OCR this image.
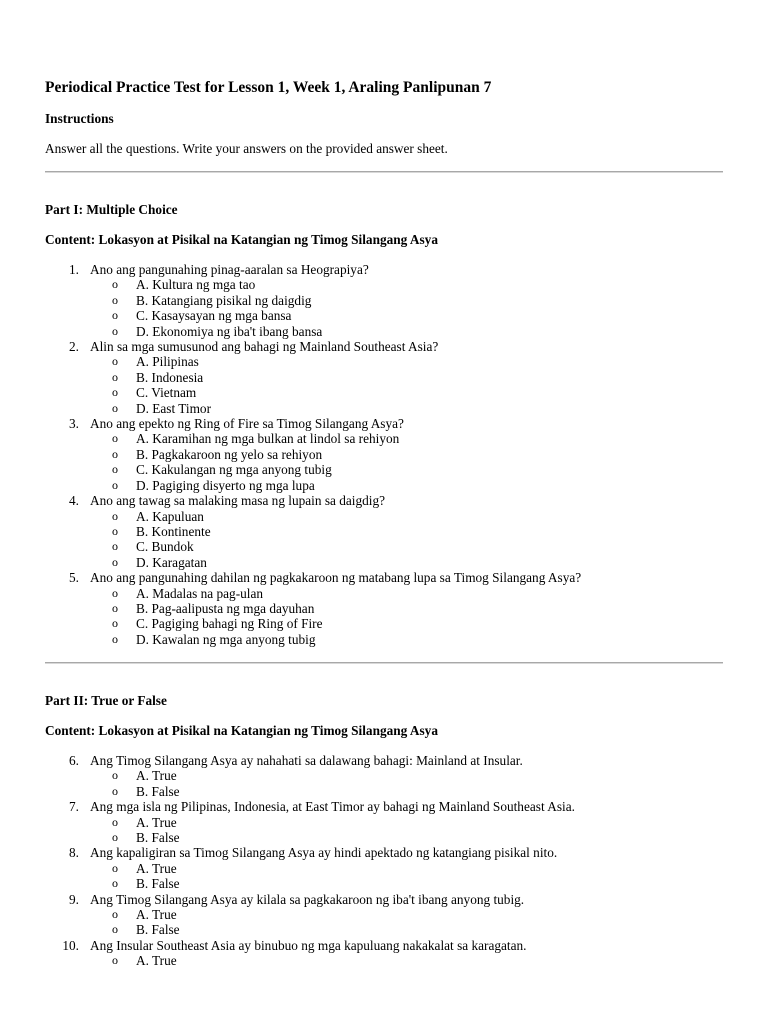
Periodical Practice Test for Lesson 1, Week 1, Araling Panlipunan 7
Instructions

Answer all the questions. Write your answers on the provided answer sheet.

Part I: Multiple Choice
Content: Lokasyon at Pisikal na Katangian ng Timog Silangang Asya
1. Ano ang pangunahing pinag-aaralan sa Heograpiya?
o A. Kultura ng mga tao
o B. Katangiang pisikal ng daigdig
o C. Kasaysayan ng mga bansa
o D. Ekonomiya ng iba't ibang bansa
2. Alin sa mga sumusunod ang bahagi ng Mainland Southeast Asia?
o A. Pilipinas
o B. Indonesia
o C. Vietnam
o D. East Timor
3. Ano ang epekto ng Ring of Fire sa Timog Silangang Asya?
o A. Karamihan ng mga bulkan at lindol sa rehiyon
o B. Pagkakaroon ng yelo sa rehiyon
o C. Kakulangan ng mga anyong tubig
o D. Pagiging disyerto ng mga lupa
4. Ano ang tawag sa malaking masa ng lupain sa daigdig?
o A. Kapuluan
o B. Kontinente
o C. Bundok
o D. Karagatan
5. Ano ang pangunahing dahilan ng pagkakaroon ng matabang lupa sa Timog Silangang Asya?
o A. Madalas na pag-ulan
o B. Pag-aalipusta ng mga dayuhan
o C. Pagiging bahagi ng Ring of Fire
o D. Kawalan ng mga anyong tubig
Part II: True or False
Content: Lokasyon at Pisikal na Katangian ng Timog Silangang Asya
6. Ang Timog Silangang Asya ay nahahati sa dalawang bahagi: Mainland at Insular.
o A. True
o B. False
7. Ang mga isla ng Pilipinas, Indonesia, at East Timor ay bahagi ng Mainland Southeast Asia.
o A. True
o B. False
8. Ang kapaligiran sa Timog Silangang Asya ay hindi apektado ng katangiang pisikal nito.
o A. True
o B. False
9. Ang Timog Silangang Asya ay kilala sa pagkakaroon ng iba't ibang anyong tubig.
o A. True
o B. False
10. Ang Insular Southeast Asia ay binubuo ng mga kapuluang nakakalat sa karagatan.
o A. True
